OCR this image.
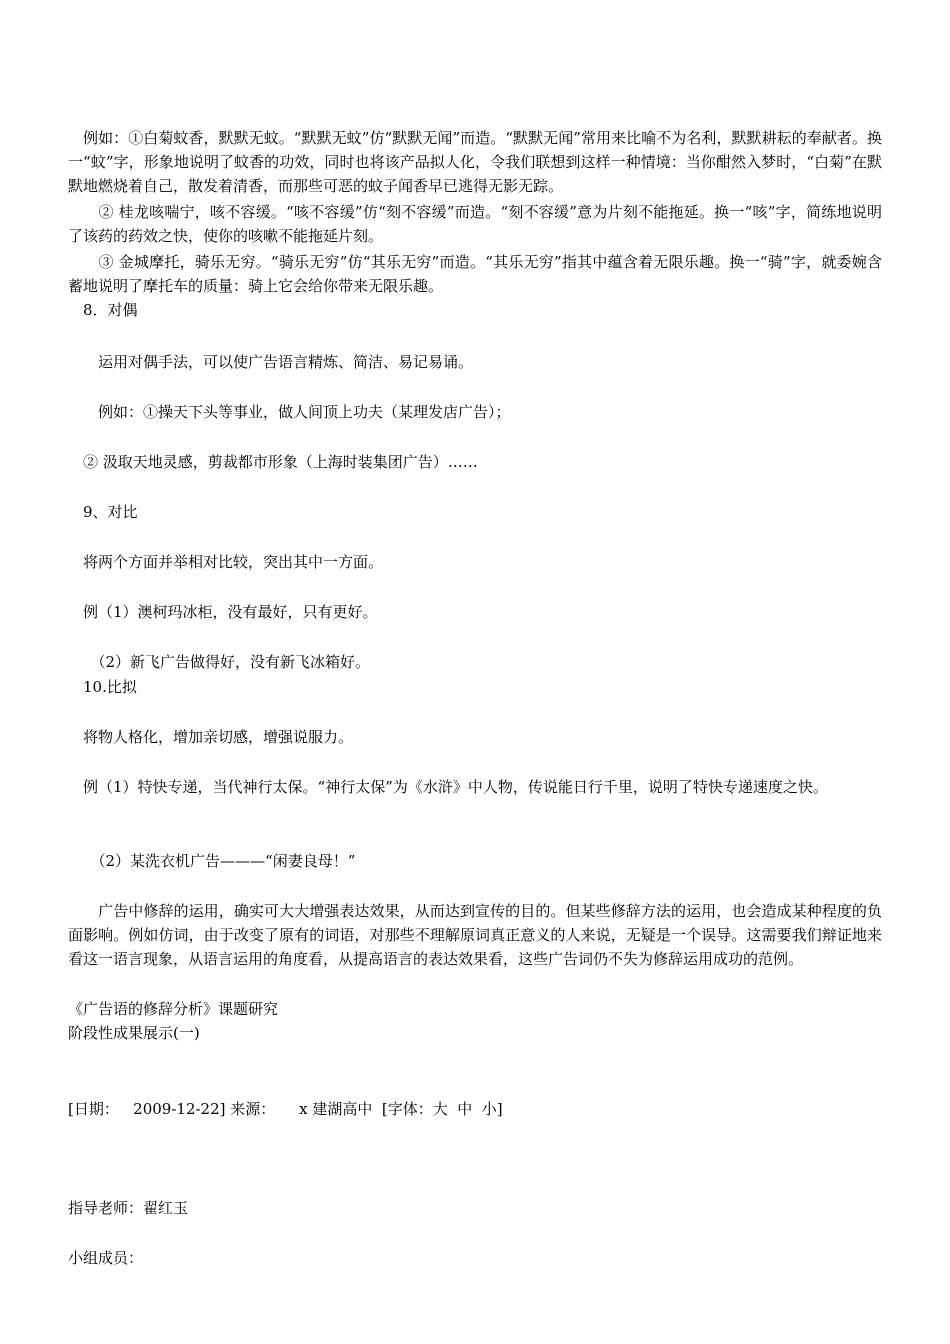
　例如：①白菊蚊香，默默无蚊。“默默无蚊”仿“默默无闻”而造。“默默无闻”常用来比喻不为名利，默默耕耘的奉献者。换一“蚊”字，形象地说明了蚊香的功效，同时也将该产品拟人化，令我们联想到这样一种情境：当你酣然入梦时，“白菊”在默默地燃烧着自己，散发着清香，而那些可恶的蚊子闻香早已逃得无影无踪。

　　② 桂龙咳喘宁，咳不容缓。“咳不容缓”仿“刻不容缓”而造。“刻不容缓”意为片刻不能拖延。换一“咳”字，简练地说明了该药的药效之快，使你的咳嗽不能拖延片刻。

　　③ 金城摩托，骑乐无穷。“骑乐无穷”仿“其乐无穷”而造。“其乐无穷”指其中蕴含着无限乐趣。换一“骑”字，就委婉含蓄地说明了摩托车的质量：骑上它会给你带来无限乐趣。

　8．对偶

　　运用对偶手法，可以使广告语言精炼、简洁、易记易诵。

　　例如：①操天下头等事业，做人间顶上功夫（某理发店广告）；

　② 汲取天地灵感，剪裁都市形象（上海时装集团广告）……

　9、对比

　将两个方面并举相对比较，突出其中一方面。

　例（1）澳柯玛冰柜，没有最好，只有更好。

　　（2）新飞广告做得好，没有新飞冰箱好。

　10.比拟

　将物人格化，增加亲切感，增强说服力。

　例（1）特快专递，当代神行太保。“神行太保”为《水浒》中人物，传说能日行千里，说明了特快专递速度之快。

　　（2）某洗衣机广告———“闲妻良母！”

　　广告中修辞的运用，确实可大大增强表达效果，从而达到宣传的目的。但某些修辞方法的运用，也会造成某种程度的负面影响。例如仿词，由于改变了原有的词语，对那些不理解原词真正意义的人来说，无疑是一个误导。这需要我们辩证地来看这一语言现象，从语言运用的角度看，从提高语言的表达效果看，这些广告词仍不失为修辞运用成功的范例。

《广告语的修辞分析》课题研究

阶段性成果展示(一)

[日期：   2009-12-22] 来源：     x 建湖高中  [字体：大  中  小]

指导老师：翟红玉

小组成员：
